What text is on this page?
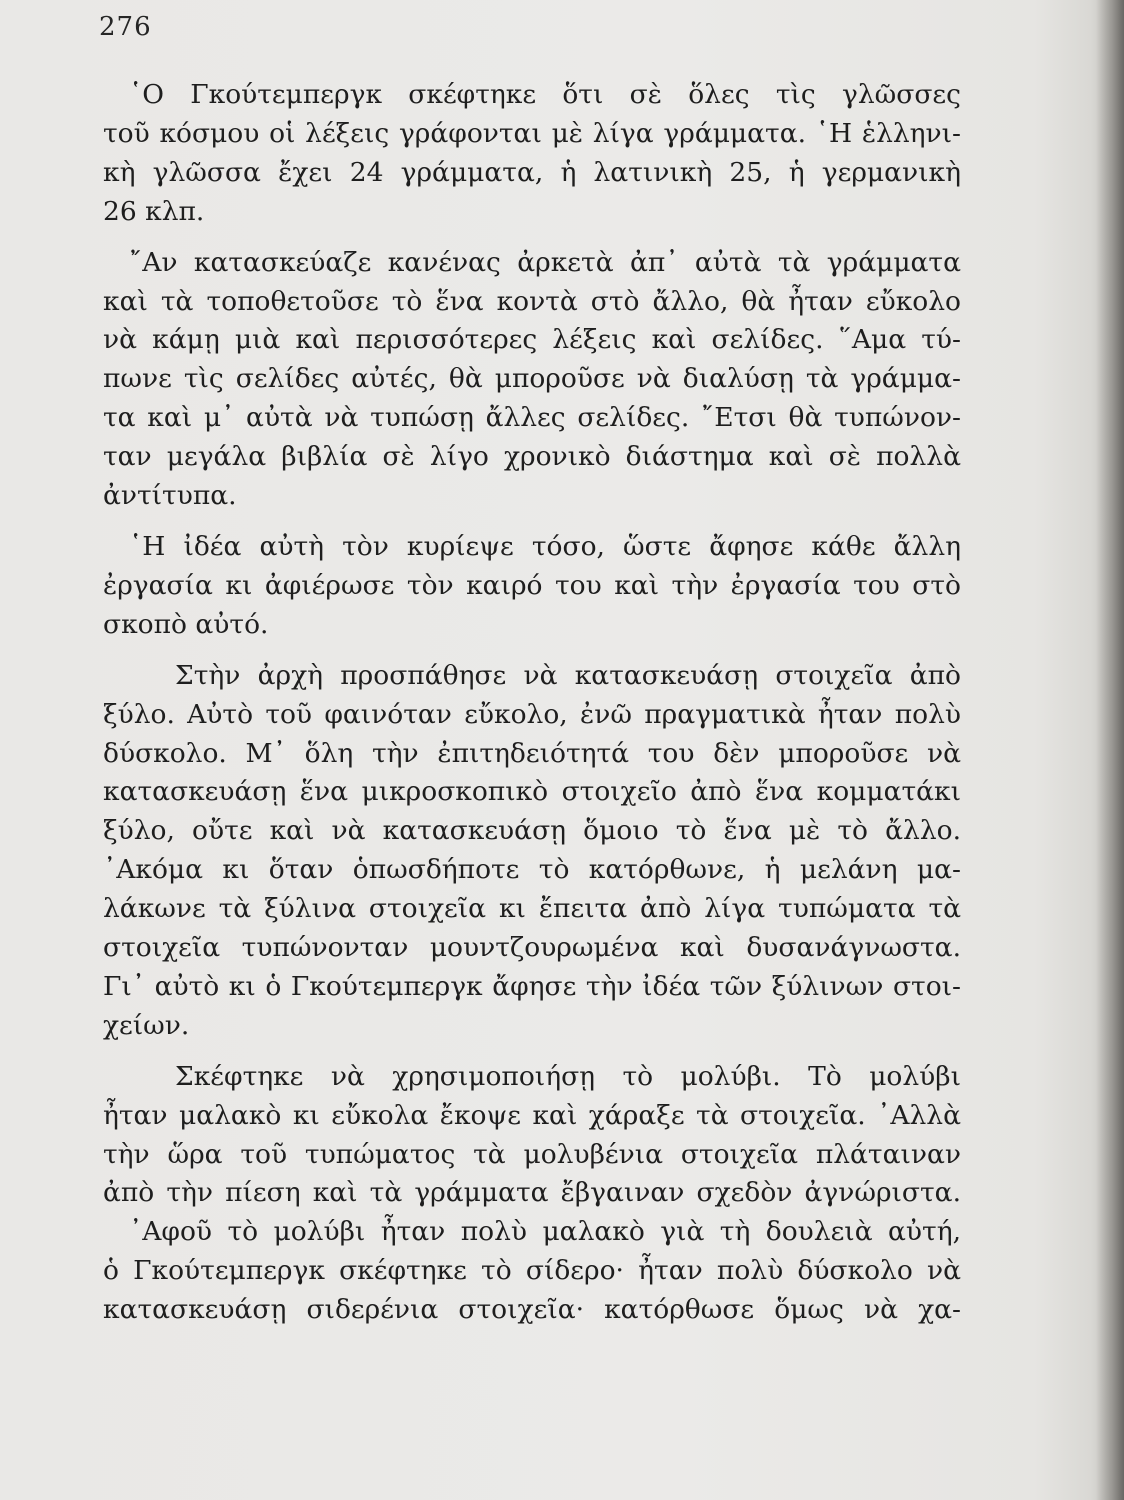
276
῾Ο Γκούτεμπεργκ σκέφτηκε ὅτι σὲ ὅλες τὶς γλῶσσες
τοῦ κόσμου οἱ λέξεις γράφονται μὲ λίγα γράμματα. ῾Η ἑλληνι-
κὴ γλῶσσα ἔχει 24 γράμματα, ἡ λατινικὴ 25, ἡ γερμανικὴ
26 κλπ.
῎Αν κατασκεύαζε κανένας ἀρκετὰ ἀπ᾿ αὐτὰ τὰ γράμματα
καὶ τὰ τοποθετοῦσε τὸ ἕνα κοντὰ στὸ ἄλλο, θὰ ἦταν εὔκολο
νὰ κάμῃ μιὰ καὶ περισσότερες λέξεις καὶ σελίδες. ῞Αμα τύ-
πωνε τὶς σελίδες αὐτές, θὰ μποροῦσε νὰ διαλύσῃ τὰ γράμμα-
τα καὶ μ᾿ αὐτὰ νὰ τυπώσῃ ἄλλες σελίδες. ῎Ετσι θὰ τυπώνον-
ταν μεγάλα βιβλία σὲ λίγο χρονικὸ διάστημα καὶ σὲ πολλὰ
ἀντίτυπα.
῾Η ἰδέα αὐτὴ τὸν κυρίεψε τόσο, ὥστε ἄφησε κάθε ἄλλη
ἐργασία κι ἀφιέρωσε τὸν καιρό του καὶ τὴν ἐργασία του στὸ
σκοπὸ αὐτό.
Στὴν ἀρχὴ προσπάθησε νὰ κατασκευάσῃ στοιχεῖα ἀπὸ
ξύλο. Αὐτὸ τοῦ φαινόταν εὔκολο, ἐνῶ πραγματικὰ ἦταν πολὺ
δύσκολο. Μ᾿ ὅλη τὴν ἐπιτηδειότητά του δὲν μποροῦσε νὰ
κατασκευάσῃ ἕνα μικροσκοπικὸ στοιχεῖο ἀπὸ ἕνα κομματάκι
ξύλο, οὔτε καὶ νὰ κατασκευάσῃ ὅμοιο τὸ ἕνα μὲ τὸ ἄλλο.
᾿Ακόμα κι ὅταν ὁπωσδήποτε τὸ κατόρθωνε, ἡ μελάνη μα-
λάκωνε τὰ ξύλινα στοιχεῖα κι ἔπειτα ἀπὸ λίγα τυπώματα τὰ
στοιχεῖα τυπώνονταν μουντζουρωμένα καὶ δυσανάγνωστα.
Γι᾿ αὐτὸ κι ὁ Γκούτεμπεργκ ἄφησε τὴν ἰδέα τῶν ξύλινων στοι-
χείων.
Σκέφτηκε νὰ χρησιμοποιήσῃ τὸ μολύβι. Τὸ μολύβι
ἦταν μαλακὸ κι εὔκολα ἔκοψε καὶ χάραξε τὰ στοιχεῖα. ᾿Αλλὰ
τὴν ὥρα τοῦ τυπώματος τὰ μολυβένια στοιχεῖα πλάταιναν
ἀπὸ τὴν πίεση καὶ τὰ γράμματα ἔβγαιναν σχεδὸν ἀγνώριστα.
᾿Αφοῦ τὸ μολύβι ἦταν πολὺ μαλακὸ γιὰ τὴ δουλειὰ αὐτή,
ὁ Γκούτεμπεργκ σκέφτηκε τὸ σίδερο· ἦταν πολὺ δύσκολο νὰ
κατασκευάσῃ σιδερένια στοιχεῖα· κατόρθωσε ὅμως νὰ χα-
